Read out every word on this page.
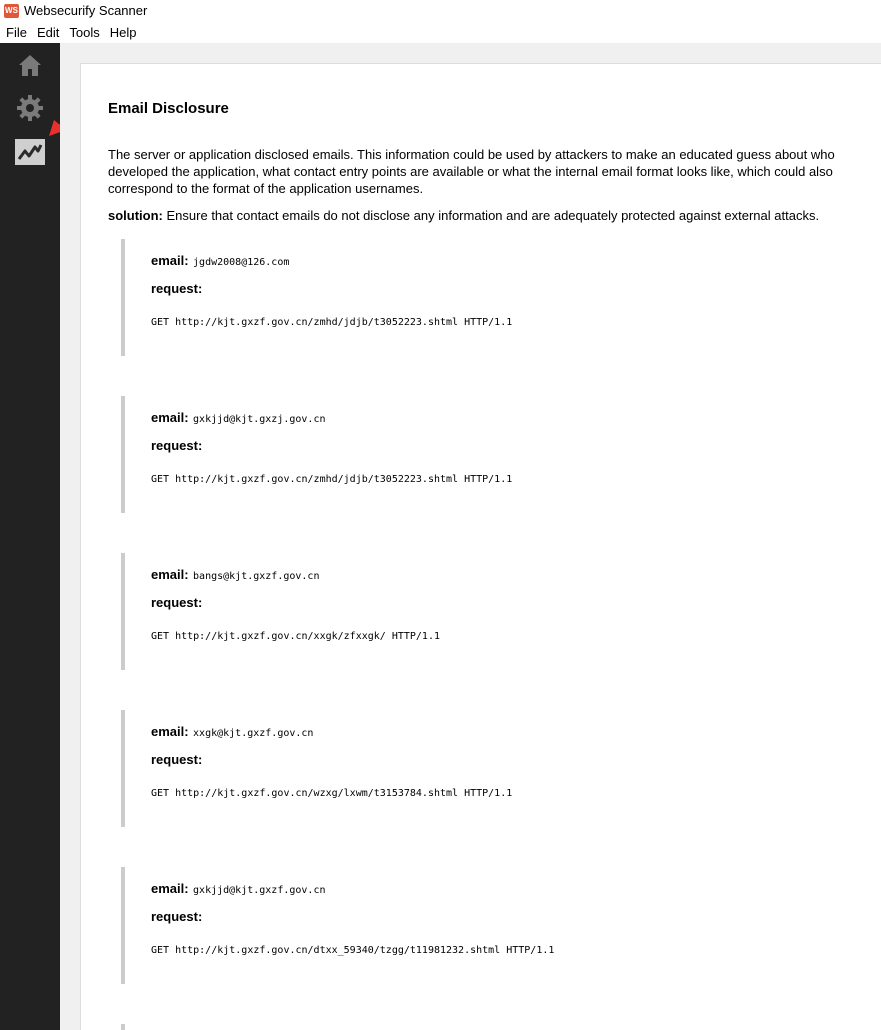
WS Websecurify Scanner
File Edit Tools Help
Email Disclosure
The server or application disclosed emails. This information could be used by attackers to make an educated guess about who developed the application, what contact entry points are available or what the internal email format looks like, which could also correspond to the format of the application usernames.
solution: Ensure that contact emails do not disclose any information and are adequately protected against external attacks.
email: jgdw2008@126.com
request:
GET http://kjt.gxzf.gov.cn/zmhd/jdjb/t3052223.shtml HTTP/1.1
email: gxkjjd@kjt.gxzj.gov.cn
request:
GET http://kjt.gxzf.gov.cn/zmhd/jdjb/t3052223.shtml HTTP/1.1
email: bangs@kjt.gxzf.gov.cn
request:
GET http://kjt.gxzf.gov.cn/xxgk/zfxxgk/ HTTP/1.1
email: xxgk@kjt.gxzf.gov.cn
request:
GET http://kjt.gxzf.gov.cn/wzxg/lxwm/t3153784.shtml HTTP/1.1
email: gxkjjd@kjt.gxzf.gov.cn
request:
GET http://kjt.gxzf.gov.cn/dtxx_59340/tzgg/t11981232.shtml HTTP/1.1
